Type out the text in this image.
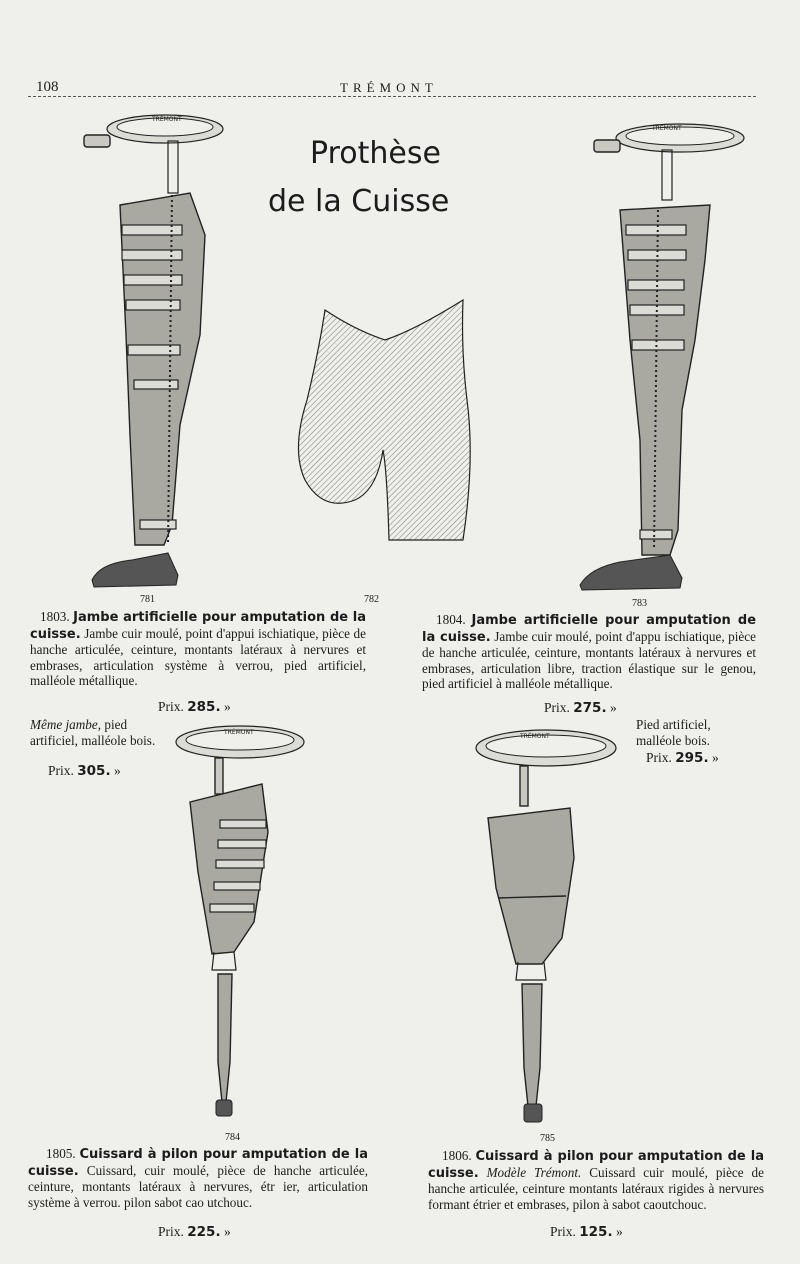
108	TRÉMONT
Prothèse
de la Cuisse
TRÉMONT
781	782
TRÉMONT
783
1803. Jambe artificielle pour amputation de la cuisse. Jambe cuir moulé, point d'appui ischiatique, pièce de hanche articulée, ceinture, montants latéraux à nervures et embrases, articulation système à verrou, pied artificiel, malléole métallique.
Prix. 285. »
Même jambe, pied artificiel, malléole bois.
Prix. 305. »
1804. Jambe artificielle pour amputation de la cuisse. Jambe cuir moulé, point d'appu ischiatique, pièce de hanche articulée, ceinture, montants latéraux à nervures et embrases, articulation libre, traction élastique sur le genou, pied artificiel à malléole métallique.
Prix. 275. »
Pied artificiel, malléole bois.
Prix. 295. »
TRÉMONT
784
TRÉMONT
785
1805. Cuissard à pilon pour amputation de la cuisse. Cuissard, cuir moulé, pièce de hanche articulée, ceinture, montants latéraux à nervures, étr ier, articulation système à verrou. pilon sabot cao utchouc.
Prix. 225. »
1806. Cuissard à pilon pour amputation de la cuisse. Modèle Trémont. Cuissard cuir moulé, pièce de hanche articulée, ceinture montants latéraux rigides à nervures formant étrier et embrases, pilon à sabot caoutchouc.
Prix. 125. »
